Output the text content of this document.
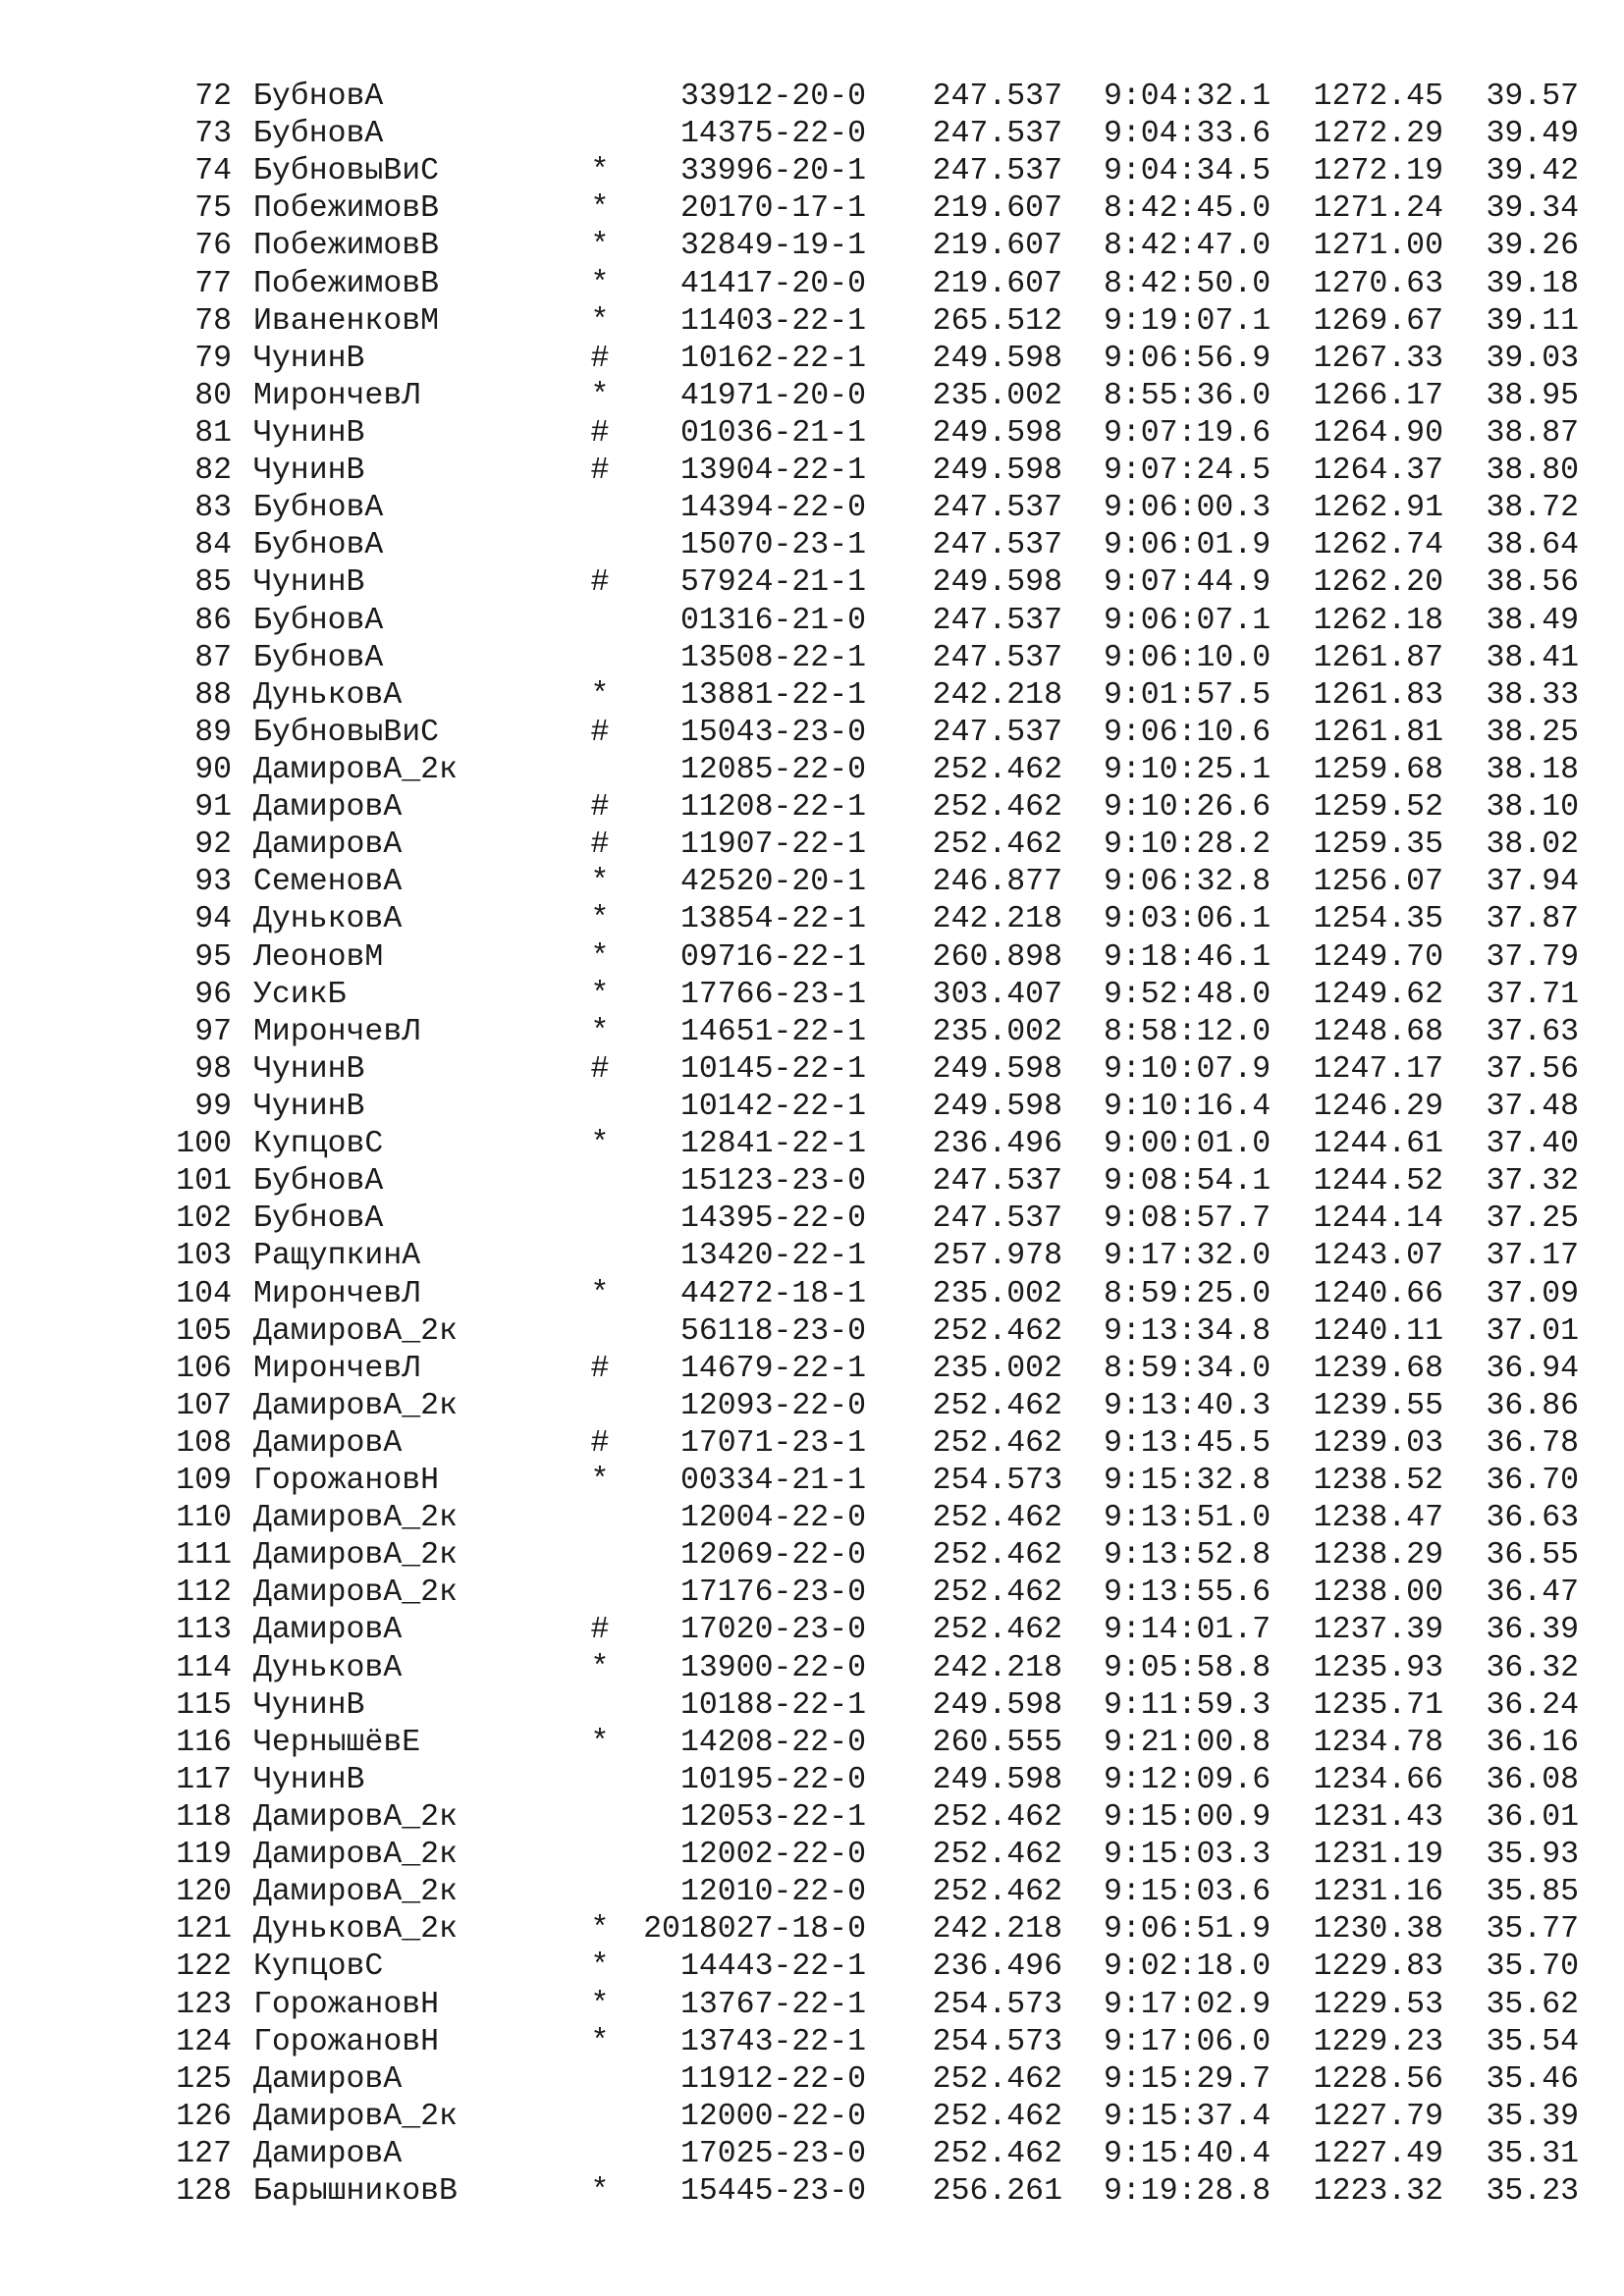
72 БубновА	33912-20-0	247.537 9:04:32.1	1272.45	39.57
73 БубновА	14375-22-0	247.537 9:04:33.6	1272.29	39.49
74 БубновыВиС	*	33996-20-1	247.537 9:04:34.5	1272.19	39.42
75 ПобежимовВ	*	20170-17-1	219.607 8:42:45.0	1271.24	39.34
76 ПобежимовВ	*	32849-19-1	219.607 8:42:47.0	1271.00	39.26
77 ПобежимовВ	*	41417-20-0	219.607 8:42:50.0	1270.63	39.18
78 ИваненковМ	*	11403-22-1	265.512 9:19:07.1	1269.67	39.11
79 ЧунинВ	#	10162-22-1	249.598 9:06:56.9	1267.33	39.03
80 МирончевЛ	*	41971-20-0	235.002 8:55:36.0	1266.17	38.95
81 ЧунинВ	#	01036-21-1	249.598 9:07:19.6	1264.90	38.87
82 ЧунинВ	#	13904-22-1	249.598 9:07:24.5	1264.37	38.80
83 БубновА	14394-22-0	247.537 9:06:00.3	1262.91	38.72
84 БубновА	15070-23-1	247.537 9:06:01.9	1262.74	38.64
85 ЧунинВ	#	57924-21-1	249.598 9:07:44.9	1262.20	38.56
86 БубновА	01316-21-0	247.537 9:06:07.1	1262.18	38.49
87 БубновА	13508-22-1	247.537 9:06:10.0	1261.87	38.41
88 ДуньковА	*	13881-22-1	242.218 9:01:57.5	1261.83	38.33
89 БубновыВиС	#	15043-23-0	247.537 9:06:10.6	1261.81	38.25
90 ДамировА_2к	12085-22-0	252.462 9:10:25.1	1259.68	38.18
91 ДамировА	#	11208-22-1	252.462 9:10:26.6	1259.52	38.10
92 ДамировА	#	11907-22-1	252.462 9:10:28.2	1259.35	38.02
93 СеменовА	*	42520-20-1	246.877 9:06:32.8	1256.07	37.94
94 ДуньковА	*	13854-22-1	242.218 9:03:06.1	1254.35	37.87
95 ЛеоновМ	*	09716-22-1	260.898 9:18:46.1	1249.70	37.79
96 УсикБ	*	17766-23-1	303.407 9:52:48.0	1249.62	37.71
97 МирончевЛ	*	14651-22-1	235.002 8:58:12.0	1248.68	37.63
98 ЧунинВ	#	10145-22-1	249.598 9:10:07.9	1247.17	37.56
99 ЧунинВ	10142-22-1	249.598 9:10:16.4	1246.29	37.48
100 КупцовС	*	12841-22-1	236.496 9:00:01.0	1244.61	37.40
101 БубновА	15123-23-0	247.537 9:08:54.1	1244.52	37.32
102 БубновА	14395-22-0	247.537 9:08:57.7	1244.14	37.25
103 РащупкинА	13420-22-1	257.978 9:17:32.0	1243.07	37.17
104 МирончевЛ	*	44272-18-1	235.002 8:59:25.0	1240.66	37.09
105 ДамировА_2к	56118-23-0	252.462 9:13:34.8	1240.11	37.01
106 МирончевЛ	#	14679-22-1	235.002 8:59:34.0	1239.68	36.94
107 ДамировА_2к	12093-22-0	252.462 9:13:40.3	1239.55	36.86
108 ДамировА	#	17071-23-1	252.462 9:13:45.5	1239.03	36.78
109 ГорожановН	*	00334-21-1	254.573 9:15:32.8	1238.52	36.70
110 ДамировА_2к	12004-22-0	252.462 9:13:51.0	1238.47	36.63
111 ДамировА_2к	12069-22-0	252.462 9:13:52.8	1238.29	36.55
112 ДамировА_2к	17176-23-0	252.462 9:13:55.6	1238.00	36.47
113 ДамировА	#	17020-23-0	252.462 9:14:01.7	1237.39	36.39
114 ДуньковА	*	13900-22-0	242.218 9:05:58.8	1235.93	36.32
115 ЧунинВ	10188-22-1	249.598 9:11:59.3	1235.71	36.24
116 ЧернышёвЕ	*	14208-22-0	260.555 9:21:00.8	1234.78	36.16
117 ЧунинВ	10195-22-0	249.598 9:12:09.6	1234.66	36.08
118 ДамировА_2к	12053-22-1	252.462 9:15:00.9	1231.43	36.01
119 ДамировА_2к	12002-22-0	252.462 9:15:03.3	1231.19	35.93
120 ДамировА_2к	12010-22-0	252.462 9:15:03.6	1231.16	35.85
121 ДуньковА_2к	*	2018027-18-0	242.218 9:06:51.9	1230.38	35.77
122 КупцовС	*	14443-22-1	236.496 9:02:18.0	1229.83	35.70
123 ГорожановН	*	13767-22-1	254.573 9:17:02.9	1229.53	35.62
124 ГорожановН	*	13743-22-1	254.573 9:17:06.0	1229.23	35.54
125 ДамировА	11912-22-0	252.462 9:15:29.7	1228.56	35.46
126 ДамировА_2к	12000-22-0	252.462 9:15:37.4	1227.79	35.39
127 ДамировА	17025-23-0	252.462 9:15:40.4	1227.49	35.31
128 БарышниковВ	*	15445-23-0	256.261 9:19:28.8	1223.32	35.23
